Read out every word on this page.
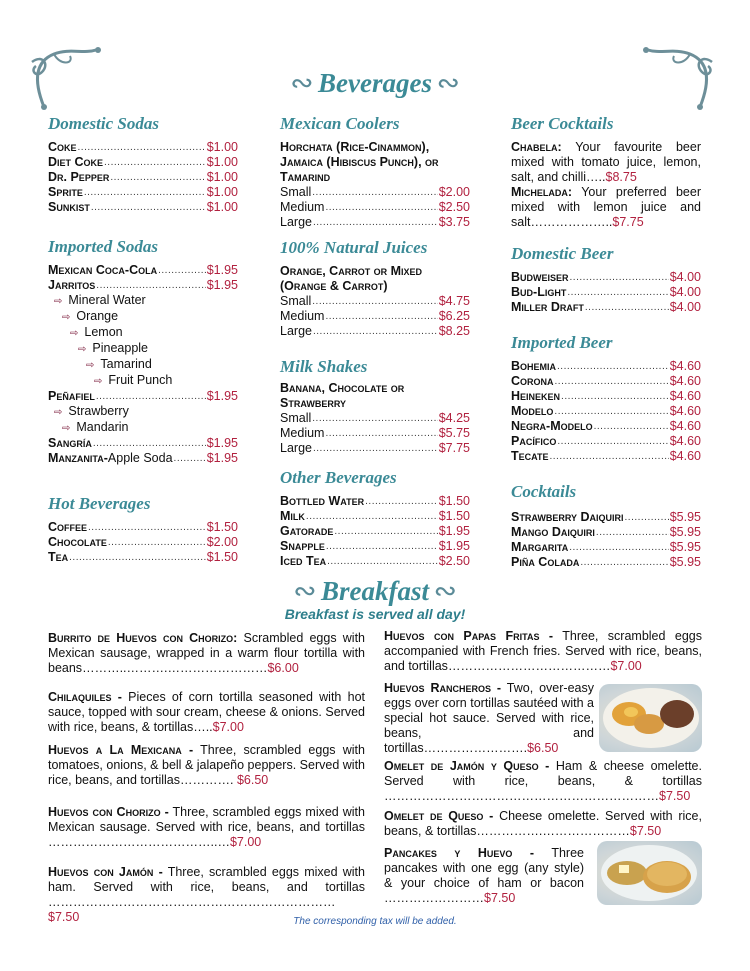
∾ Beverages ∾
Domestic Sodas
Coke .....	$1.00
Diet Coke .....	$1.00
Dr. Pepper .....	$1.00
Sprite .....	$1.00
Sunkist .....	$1.00
Imported Sodas
Mexican Coca-Cola .....	$1.95
Jarritos .....	$1.95
⇨ Mineral Water
⇨ Orange
⇨ Lemon
⇨ Pineapple
⇨ Tamarind
⇨ Fruit Punch
Peñafiel .....	$1.95
⇨ Strawberry
⇨ Mandarin
Sangría .....	$1.95
Manzanita- Apple Soda .....	$1.95
Hot Beverages
Coffee .....	$1.50
Chocolate .....	$2.00
Tea .....	$1.50
Mexican Coolers
Horchata (Rice-Cinammon), Jamaica (Hibiscus Punch), or Tamarind
Small .....	$2.00
Medium .....	$2.50
Large .....	$3.75
100% Natural Juices
Orange, Carrot or Mixed (Orange & Carrot)
Small .....	$4.75
Medium .....	$6.25
Large .....	$8.25
Milk Shakes
Banana, Chocolate or Strawberry
Small .....	$4.25
Medium .....	$5.75
Large .....	$7.75
Other Beverages
Bottled Water .....	$1.50
Milk .....	$1.50
Gatorade .....	$1.95
Snapple .....	$1.95
Iced Tea .....	$2.50
Beer Cocktails
Chabela: Your favourite beer mixed with tomato juice, lemon, salt, and chilli…..$8.75
Michelada: Your preferred beer mixed with lemon juice and salt………………..$7.75
Domestic Beer
Budweiser .....	$4.00
Bud-Light .....	$4.00
Miller Draft .....	$4.00
Imported Beer
Bohemia .....	$4.60
Corona .....	$4.60
Heineken .....	$4.60
Modelo .....	$4.60
Negra-Modelo .....	$4.60
Pacífico .....	$4.60
Tecate .....	$4.60
Cocktails
Strawberry Daiquiri .....	$5.95
Mango Daiquiri .....	$5.95
Margarita .....	$5.95
Piña Colada .....	$5.95
∾ Breakfast ∾
Breakfast is served all day!
Burrito de Huevos con Chorizo: Scrambled eggs with Mexican sausage, wrapped in a warm flour tortilla with beans………..……….……………………$6.00
Chilaquiles - Pieces of corn tortilla seasoned with hot sauce, topped with sour cream, cheese & onions. Served with rice, beans, & tortillas…..$7.00
Huevos a La Mexicana - Three, scrambled eggs with tomatoes, onions, & bell & jalapeño peppers. Served with rice, beans, and tortillas…………. $6.50
Huevos con Chorizo - Three, scrambled eggs mixed with Mexican sausage. Served with rice, beans, and tortillas …………………………………..…$7.00
Huevos con Jamón - Three, scrambled eggs mixed with ham. Served with rice, beans, and tortillas ……………………………………………………………$7.50
Huevos con Papas Fritas - Three, scrambled eggs accompanied with French fries. Served with rice, beans, and tortillas…………………………………$7.00
Huevos Rancheros - Two, over-easy eggs over corn tortillas sautéed with a special hot sauce. Served with rice, beans, and tortillas…………………….$6.50
Omelet de Jamón y Queso - Ham & cheese omelette. Served with rice, beans, & tortillas …………………………………………………………$7.50
Omelet de Queso - Cheese omelette. Served with rice, beans, & tortillas…………….…………………$7.50
Pancakes y Huevo - Three pancakes with one egg (any style) & your choice of ham or bacon ……………………$7.50
The corresponding tax will be added.
